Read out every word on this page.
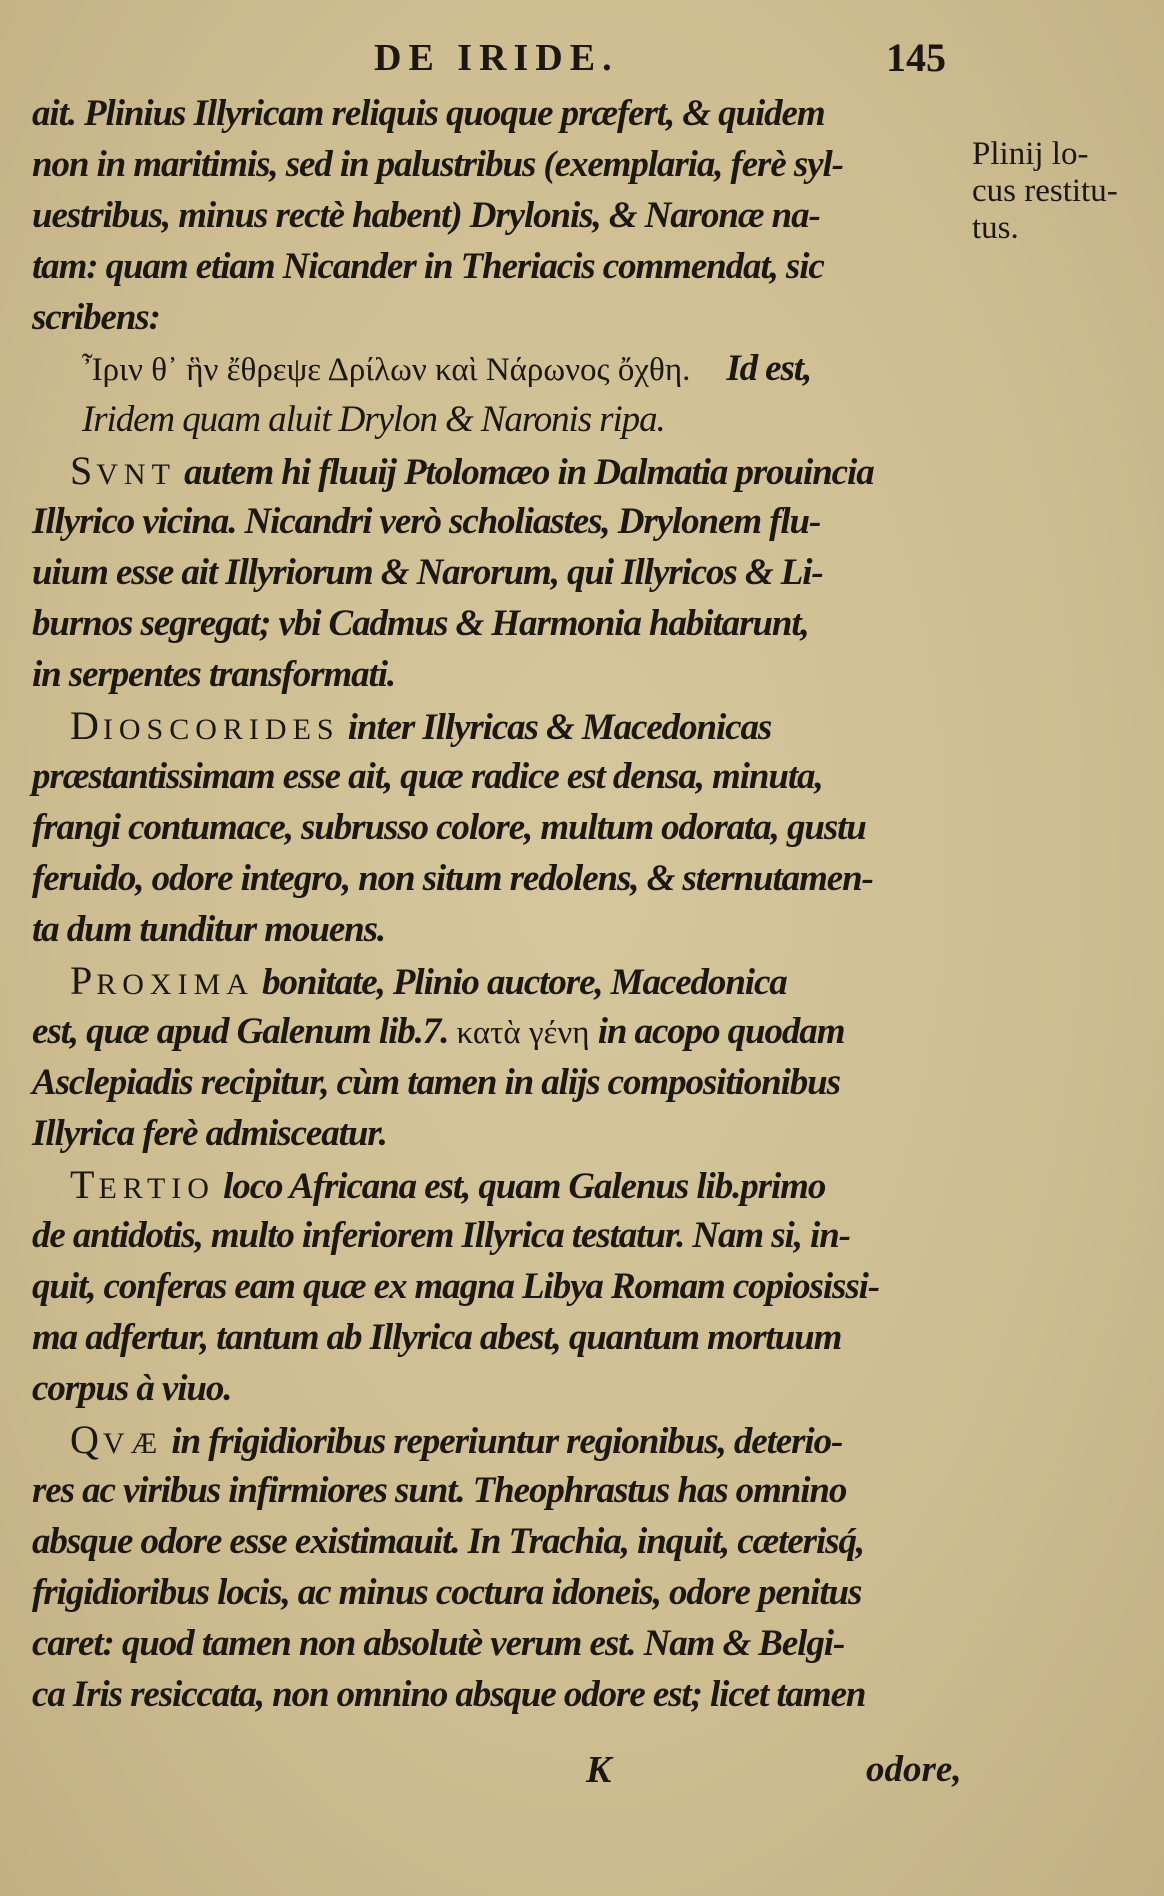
DE IRIDE.	145
Plinij lo-
cus restitu-
tus.
ait. Plinius Illyricam reliquis quoque præfert, & quidem
non in maritimis, sed in palustribus (exemplaria, ferè syl-
uestribus, minus rectè habent) Drylonis, & Naronæ na-
tam: quam etiam Nicander in Theriacis commendat, sic
scribens:
Ἶριν θ᾽ ἣν ἔθρεψε Δρίλων καὶ Νάρωνος ὄχθη. Id est,
Iridem quam aluit Drylon & Naronis ripa.
SVNT autem hi fluuij Ptolomæo in Dalmatia prouincia
Illyrico vicina. Nicandri verò scholiastes, Drylonem flu-
uium esse ait Illyriorum & Narorum, qui Illyricos & Li-
burnos segregat; vbi Cadmus & Harmonia habitarunt,
in serpentes transformati.
DIOSCORIDES inter Illyricas & Macedonicas
præstantissimam esse ait, quæ radice est densa, minuta,
frangi contumace, subrusso colore, multum odorata, gustu
feruido, odore integro, non situm redolens, & sternutamen-
ta dum tunditur mouens.
PROXIMA bonitate, Plinio auctore, Macedonica
est, quæ apud Galenum lib.7. κατὰ γένη in acopo quodam
Asclepiadis recipitur, cùm tamen in alijs compositionibus
Illyrica ferè admisceatur.
TERTIO loco Africana est, quam Galenus lib.primo
de antidotis, multo inferiorem Illyrica testatur. Nam si, in-
quit, conferas eam quæ ex magna Libya Romam copiosissi-
ma adfertur, tantum ab Illyrica abest, quantum mortuum
corpus à viuo.
QVÆ in frigidioribus reperiuntur regionibus, deterio-
res ac viribus infirmiores sunt. Theophrastus has omnino
absque odore esse existimauit. In Trachia, inquit, cæterisq́,
frigidioribus locis, ac minus coctura idoneis, odore penitus
caret: quod tamen non absolutè verum est. Nam & Belgi-
ca Iris resiccata, non omnino absque odore est; licet tamen
K	odore,
